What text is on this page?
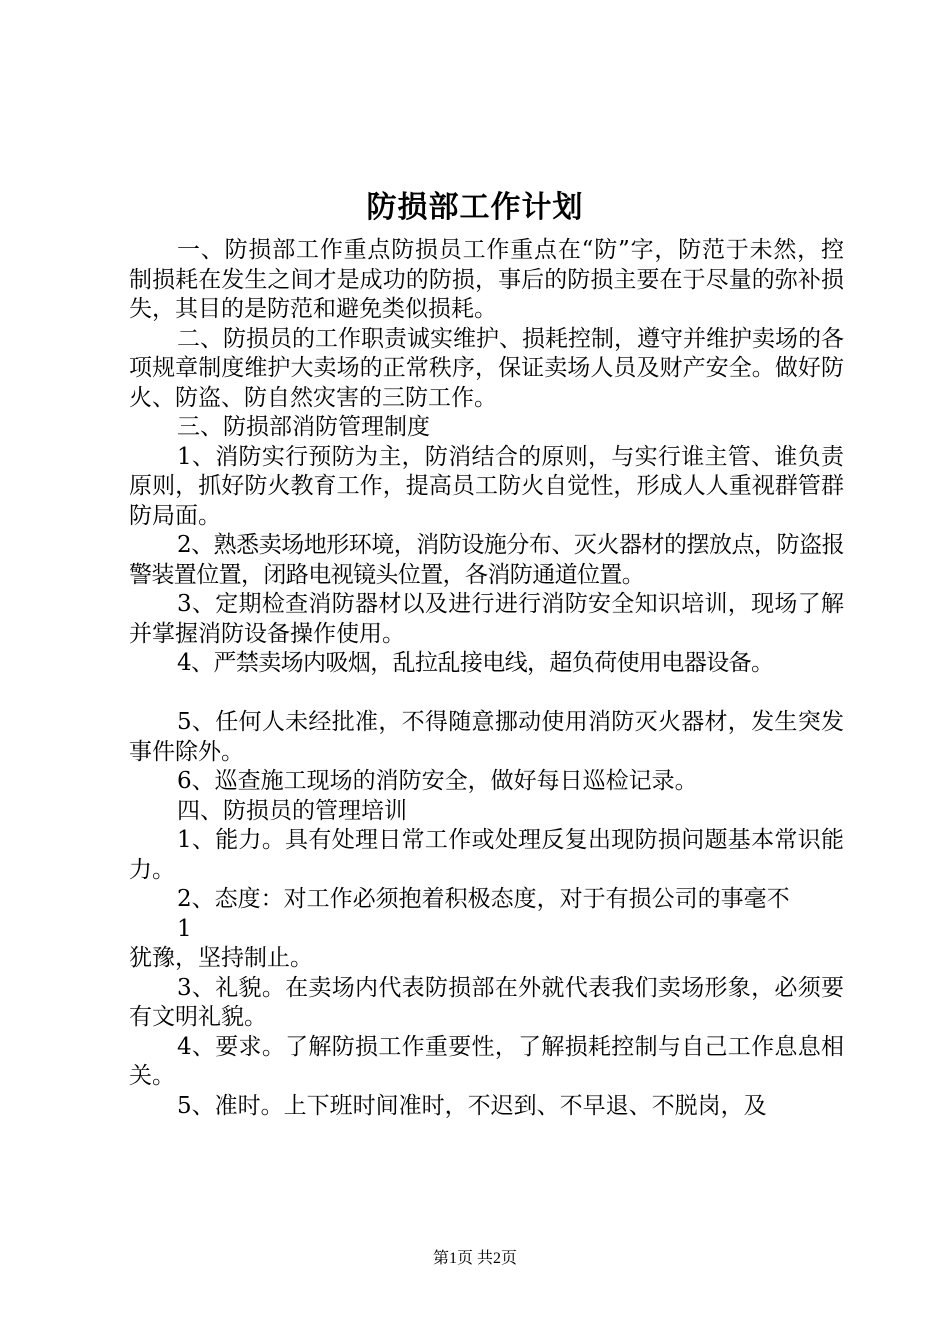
防损部工作计划

一、防损部工作重点防损员工作重点在“防”字，防范于未然，控制损耗在发生之间才是成功的防损，事后的防损主要在于尽量的弥补损失，其目的是防范和避免类似损耗。

二、防损员的工作职责诚实维护、损耗控制，遵守并维护卖场的各项规章制度维护大卖场的正常秩序，保证卖场人员及财产安全。做好防火、防盗、防自然灾害的三防工作。

三、防损部消防管理制度

1、消防实行预防为主，防消结合的原则，与实行谁主管、谁负责原则，抓好防火教育工作，提高员工防火自觉性，形成人人重视群管群防局面。

2、熟悉卖场地形环境，消防设施分布、灭火器材的摆放点，防盗报警装置位置，闭路电视镜头位置，各消防通道位置。

3、定期检查消防器材以及进行进行消防安全知识培训，现场了解并掌握消防设备操作使用。

4、严禁卖场内吸烟，乱拉乱接电线，超负荷使用电器设备。

5、任何人未经批准，不得随意挪动使用消防灭火器材，发生突发事件除外。

6、巡查施工现场的消防安全，做好每日巡检记录。

四、防损员的管理培训

1、能力。具有处理日常工作或处理反复出现防损问题基本常识能力。

2、态度：对工作必须抱着积极态度，对于有损公司的事毫不

1

犹豫，坚持制止。

3、礼貌。在卖场内代表防损部在外就代表我们卖场形象，必须要有文明礼貌。

4、要求。了解防损工作重要性，了解损耗控制与自己工作息息相关。

5、准时。上下班时间准时，不迟到、不早退、不脱岗，及

第1页 共2页
